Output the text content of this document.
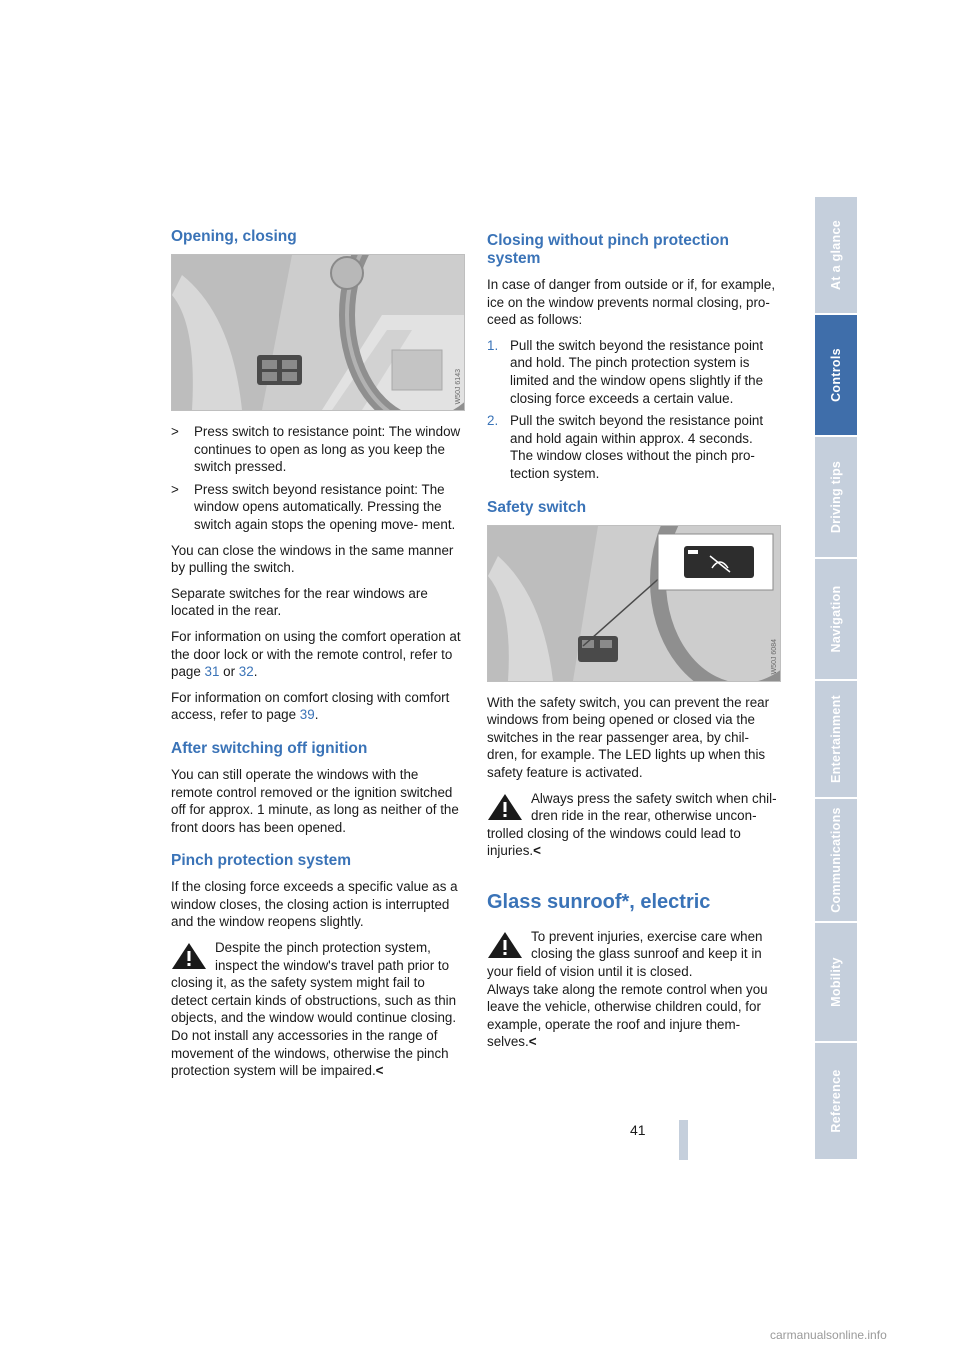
Opening, closing
W50J 6143
> Press switch to resistance point: The window continues to open as long as you keep the switch pressed.
> Press switch beyond resistance point: The window opens automatically. Pressing the switch again stops the opening move- ment.

You can close the windows in the same manner by pulling the switch.

Separate switches for the rear windows are located in the rear.

For information on using the comfort operation at the door lock or with the remote control, refer to page 31 or 32.

For information on comfort closing with comfort access, refer to page 39.

After switching off ignition

You can still operate the windows with the remote control removed or the ignition switched off for approx. 1 minute, as long as neither of the front doors has been opened.

Pinch protection system

If the closing force exceeds a specific value as a window closes, the closing action is interrupted and the window reopens slightly.

Despite the pinch protection system, inspect the window's travel path prior to closing it, as the safety system might fail to detect certain kinds of obstructions, such as thin objects, and the window would continue closing.

Do not install any accessories in the range of movement of the windows, otherwise the pinch protection system will be impaired.<

Closing without pinch protection system

In case of danger from outside or if, for example, ice on the window prevents normal closing, pro- ceed as follows:

1. Pull the switch beyond the resistance point and hold. The pinch protection system is limited and the window opens slightly if the closing force exceeds a certain value.
2. Pull the switch beyond the resistance point and hold again within approx. 4 seconds. The window closes without the pinch pro- tection system.
Safety switch
W50J 6084

With the safety switch, you can prevent the rear windows from being opened or closed via the switches in the rear passenger area, by chil- dren, for example. The LED lights up when this safety feature is activated.

Always press the safety switch when chil- dren ride in the rear, otherwise uncon- trolled closing of the windows could lead to injuries.<

Glass sunroof*, electric

To prevent injuries, exercise care when closing the glass sunroof and keep it in your field of vision until it is closed.

Always take along the remote control when you leave the vehicle, otherwise children could, for example, operate the roof and injure them- selves.<

At a glance
Controls
Driving tips
Navigation
Entertainment
Communications
Mobility
Reference
41
carmanualsonline.info
